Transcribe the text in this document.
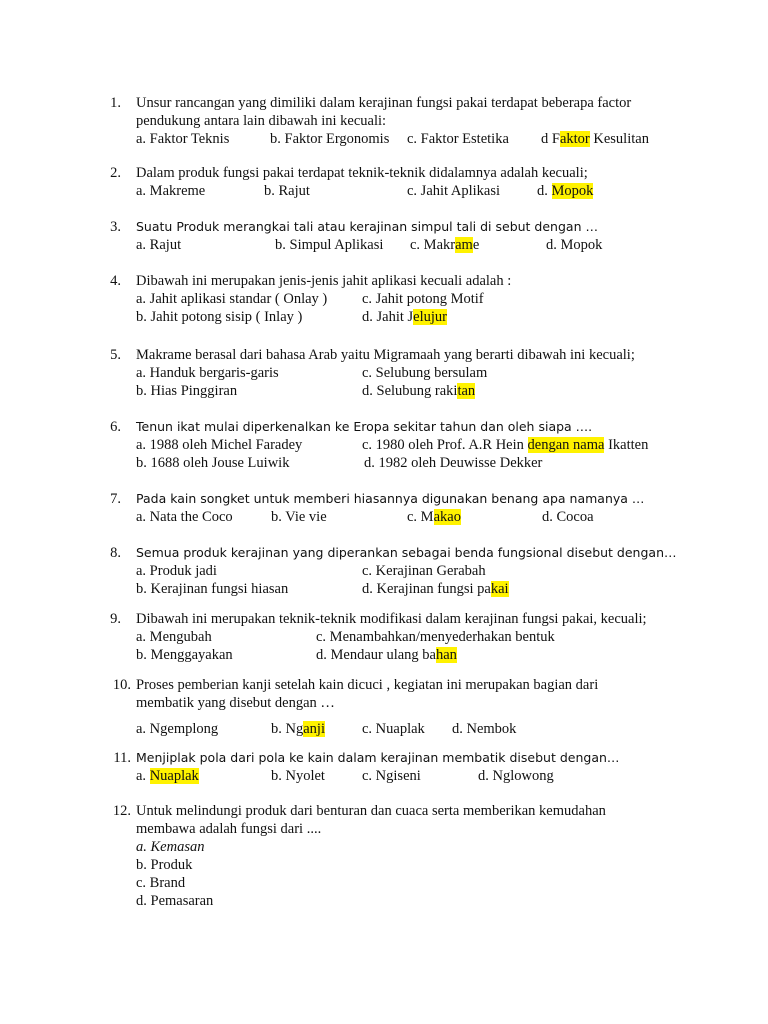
1. Unsur rancangan yang dimiliki dalam kerajinan fungsi pakai terdapat beberapa factor
pendukung antara lain dibawah ini kecuali:
a. Faktor Teknis	b. Faktor Ergonomis c. Faktor Estetika d Faktor Kesulitan
2. Dalam produk fungsi pakai terdapat teknik-teknik didalamnya adalah kecuali;
a. Makreme	b. Rajut	c. Jahit Aplikasi	d. Mopok
3. Suatu Produk merangkai tali atau kerajinan simpul tali di sebut dengan …
a. Rajut	b. Simpul Aplikasi c. Makrame	d. Mopok
4. Dibawah ini merupakan jenis-jenis jahit aplikasi kecuali adalah :
a. Jahit aplikasi standar ( Onlay ) c. Jahit potong Motif
b. Jahit potong sisip ( Inlay )	d. Jahit Jelujur
5. Makrame berasal dari bahasa Arab yaitu Migramaah yang berarti dibawah ini kecuali;
a. Handuk bergaris-garis	c. Selubung bersulam
b. Hias Pinggiran	d. Selubung rakitan
6. Tenun ikat mulai diperkenalkan ke Eropa sekitar tahun dan oleh siapa ….
a. 1988 oleh Michel Faradey	c. 1980 oleh Prof. A.R Hein dengan nama Ikatten
b. 1688 oleh Jouse Luiwik	d. 1982 oleh Deuwisse Dekker
7. Pada kain songket untuk memberi hiasannya digunakan benang apa namanya …
a. Nata the Coco	b. Vie vie	c. Makao	d. Cocoa
8. Semua produk kerajinan yang diperankan sebagai benda fungsional disebut dengan…
a. Produk jadi	c. Kerajinan Gerabah
b. Kerajinan fungsi hiasan	d. Kerajinan fungsi pakai
9. Dibawah ini merupakan teknik-teknik modifikasi dalam kerajinan fungsi pakai, kecuali;
a. Mengubah	c. Menambahkan/menyederhakan bentuk
b. Menggayakan	d. Mendaur ulang bahan
10. Proses pemberian kanji setelah kain dicuci , kegiatan ini merupakan bagian dari
membatik yang disebut dengan …
a. Ngemplong	b. Nganji	c. Nuaplak d. Nembok
11. Menjiplak pola dari pola ke kain dalam kerajinan membatik disebut dengan…
a. Nuaplak	b. Nyolet	c. Ngiseni	d. Nglowong
12. Untuk melindungi produk dari benturan dan cuaca serta memberikan kemudahan
membawa adalah fungsi dari ....
a. Kemasan
b. Produk
c. Brand
d. Pemasaran
